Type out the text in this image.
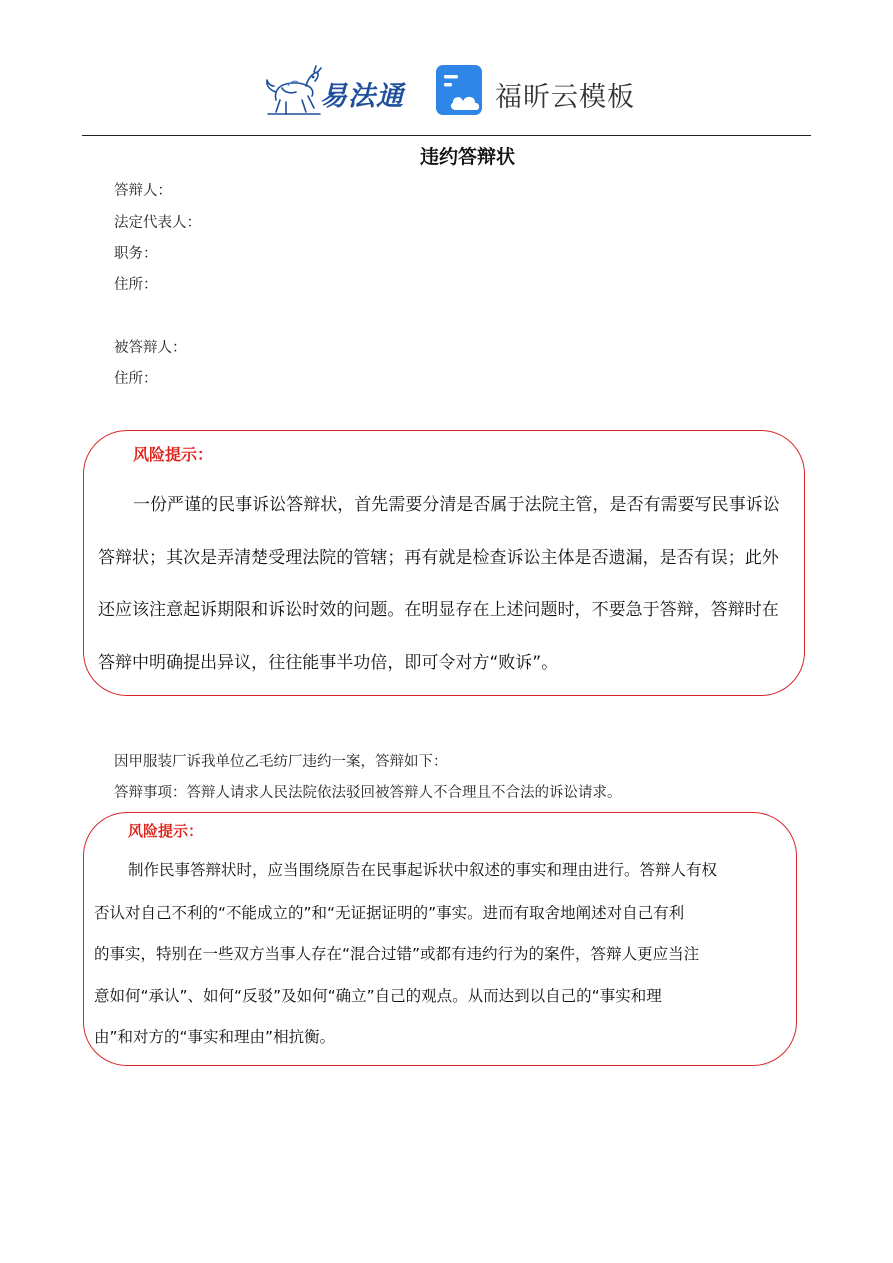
易法通	福昕云模板
违约答辩状
答辩人：
法定代表人：
职务：
住所：
被答辩人：
住所：
风险提示：
一份严谨的民事诉讼答辩状，首先需要分清是否属于法院主管，是否有需要写民事诉讼
答辩状；其次是弄清楚受理法院的管辖；再有就是检查诉讼主体是否遗漏，是否有误；此外
还应该注意起诉期限和诉讼时效的问题。在明显存在上述问题时，不要急于答辩，答辩时在
答辩中明确提出异议，往往能事半功倍，即可令对方“败诉”。
因甲服装厂诉我单位乙毛纺厂违约一案，答辩如下：
答辩事项：答辩人请求人民法院依法驳回被答辩人不合理且不合法的诉讼请求。
风险提示：
制作民事答辩状时，应当围绕原告在民事起诉状中叙述的事实和理由进行。答辩人有权
否认对自己不利的“不能成立的”和“无证据证明的”事实。进而有取舍地阐述对自己有利
的事实，特别在一些双方当事人存在“混合过错”或都有违约行为的案件，答辩人更应当注
意如何“承认”、如何“反驳”及如何“确立”自己的观点。从而达到以自己的“事实和理
由”和对方的“事实和理由”相抗衡。
